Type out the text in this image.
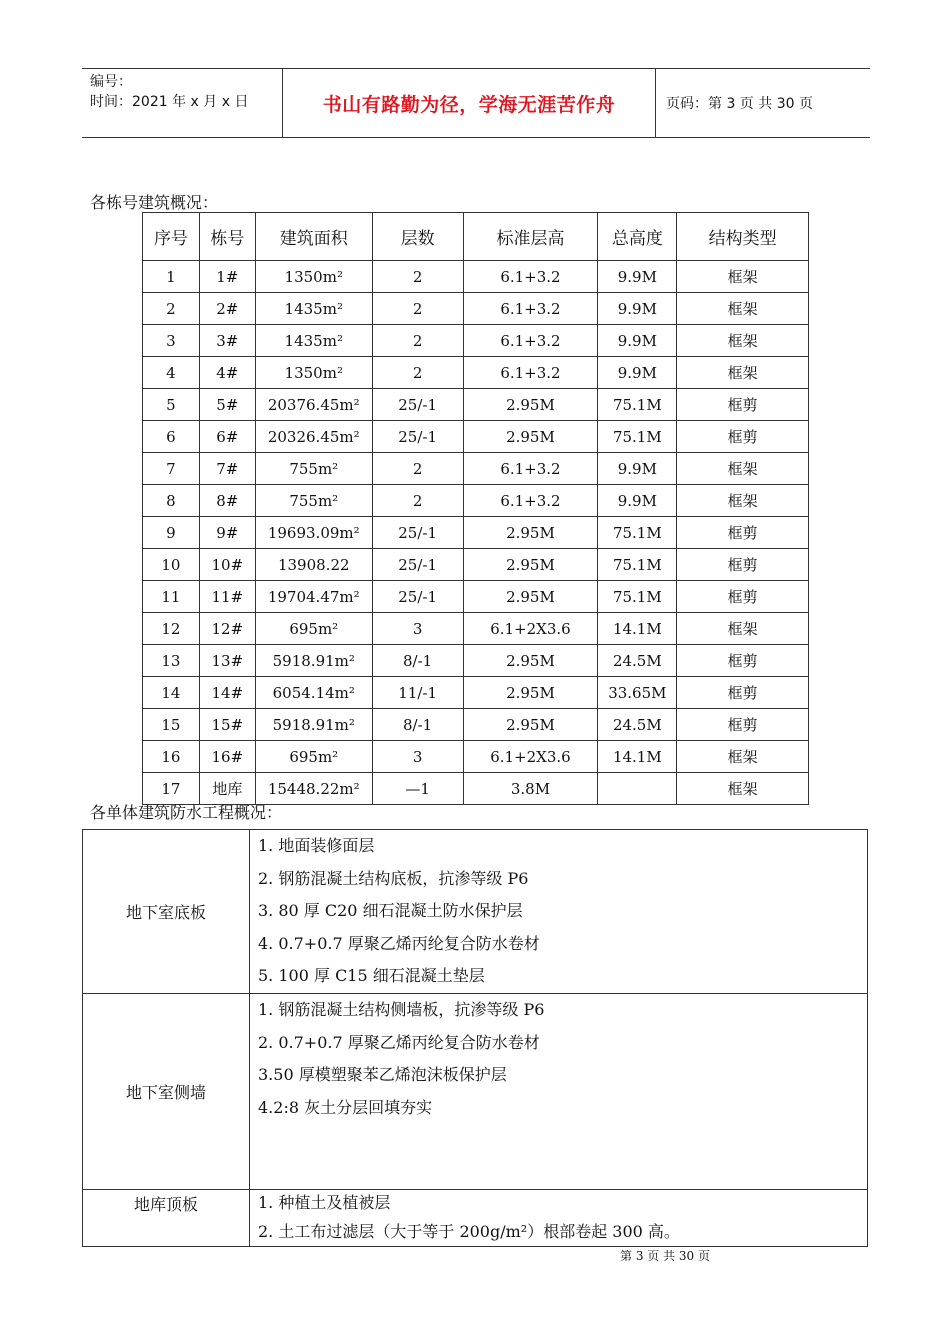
编号：
时间：2021 年 x 月 x 日	书山有路勤为径，学海无涯苦作舟	页码：第 3 页 共 30 页
各栋号建筑概况：
序号	栋号	建筑面积	层数	标准层高	总高度	结构类型
1	1#	1350m²	2	6.1+3.2	9.9M	框架
2	2#	1435m²	2	6.1+3.2	9.9M	框架
3	3#	1435m²	2	6.1+3.2	9.9M	框架
4	4#	1350m²	2	6.1+3.2	9.9M	框架
5	5#	20376.45m²	25/-1	2.95M	75.1M	框剪
6	6#	20326.45m²	25/-1	2.95M	75.1M	框剪
7	7#	755m²	2	6.1+3.2	9.9M	框架
8	8#	755m²	2	6.1+3.2	9.9M	框架
9	9#	19693.09m²	25/-1	2.95M	75.1M	框剪
10	10#	13908.22	25/-1	2.95M	75.1M	框剪
11	11#	19704.47m²	25/-1	2.95M	75.1M	框剪
12	12#	695m²	3	6.1+2X3.6	14.1M	框架
13	13#	5918.91m²	8/-1	2.95M	24.5M	框剪
14	14#	6054.14m²	11/-1	2.95M	33.65M	框剪
15	15#	5918.91m²	8/-1	2.95M	24.5M	框剪
16	16#	695m²	3	6.1+2X3.6	14.1M	框架
17	地库	15448.22m²	—1	3.8M		框架
各单体建筑防水工程概况：
地下室底板	1. 地面装修面层
2. 钢筋混凝土结构底板，抗渗等级 P6
3. 80 厚 C20 细石混凝土防水保护层
4. 0.7+0.7 厚聚乙烯丙纶复合防水卷材
5. 100 厚 C15 细石混凝土垫层

地下室侧墙	1. 钢筋混凝土结构侧墙板，抗渗等级 P6
2. 0.7+0.7 厚聚乙烯丙纶复合防水卷材
3.50 厚模塑聚苯乙烯泡沫板保护层
4.2:8 灰土分层回填夯实

地库顶板	1. 种植土及植被层
2. 土工布过滤层（大于等于 200g/m²）根部卷起 300 高。
第 3 页 共 30 页
